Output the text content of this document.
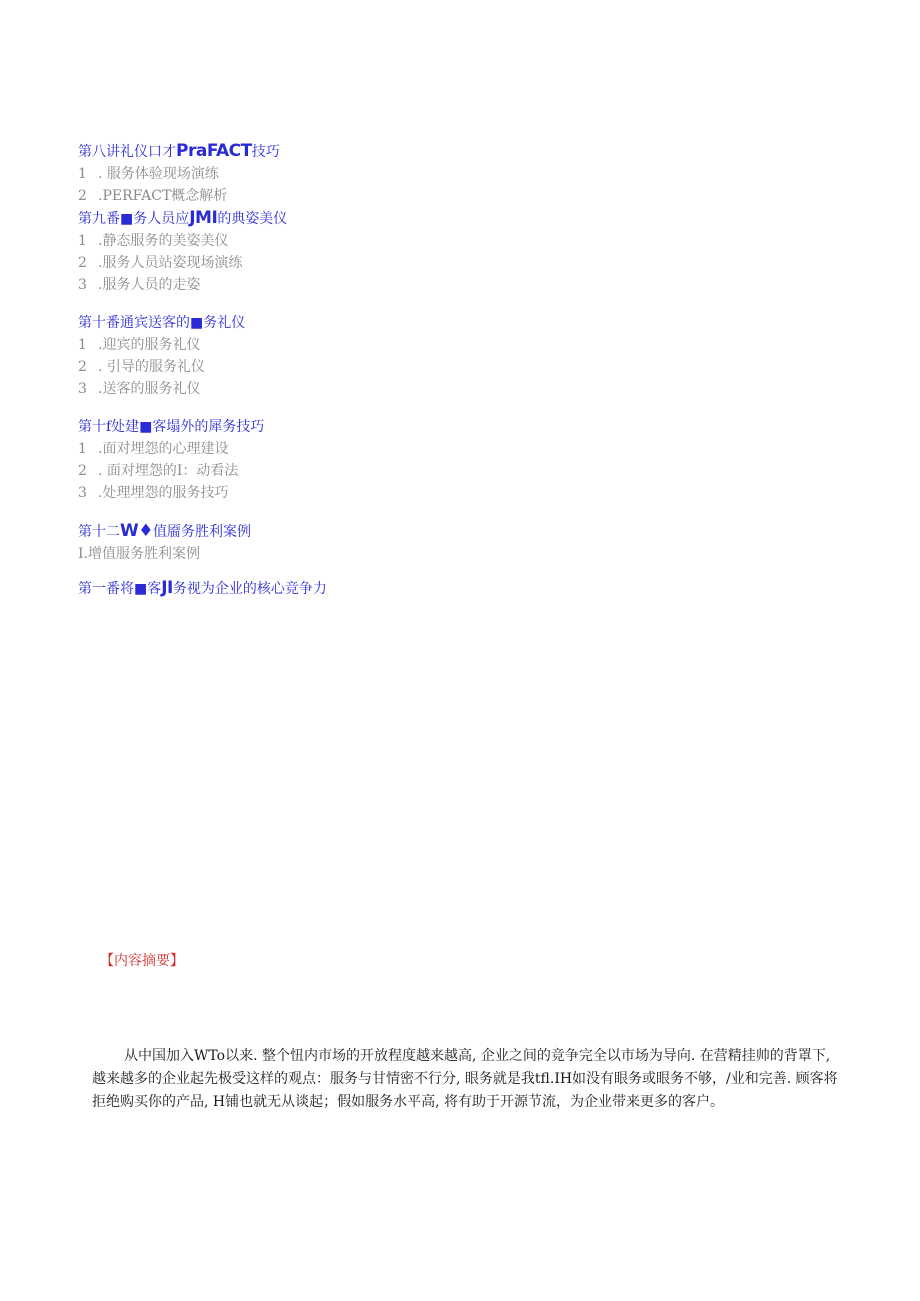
第八讲礼仪口才PraFACT技巧
1 . 服务体验现场演练
2 .PERFACT概念解析
第九番■务人员应JMI的典姿美仪
1 .静态服务的美姿美仪
2 .服务人员站姿现场演练
3 .服务人员的走姿
第十番通宾送客的■务礼仪
1 .迎宾的服务礼仪
2 . 引导的服务礼仪
3 .送客的服务礼仪
第十f处建■客塌外的犀务技巧
1 .面对埋怨的心理建设
2 . 面对埋怨的I：动看法
3 .处理埋怨的服务技巧
第十二W♦值靥务胜利案例
I.增值服务胜利案例
第一番将■客JI务视为企业的核心竞争力
【内容摘要】

从中国加入WTo以来. 整个忸内市场的开放程度越来越高, 企业之间的竞争完全以市场为导向. 在营精挂帅的背罩下, 越来越多的企业起先极受这样的观点：服务与甘情密不行分, 眼务就是我tfl.IH如没有眼务或眼务不够，/业和完善. 顾客将拒绝购买你的产品, H铺也就无从谈起；假如服务水平高, 将有助于开源节流，为企业带来更多的客户。
